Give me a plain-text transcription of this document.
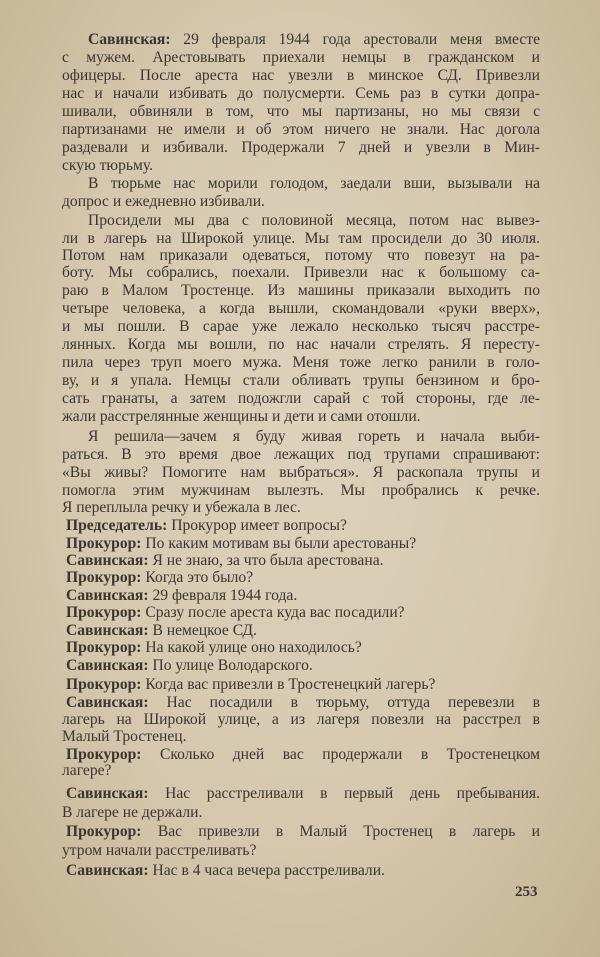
Савинская: 29 февраля 1944 года арестовали меня вместе
с мужем. Арестовывать приехали немцы в гражданском и
офицеры. После ареста нас увезли в минское СД. Привезли
нас и начали избивать до полусмерти. Семь раз в сутки допра-
шивали, обвиняли в том, что мы партизаны, но мы связи с
партизанами не имели и об этом ничего не знали. Нас догола
раздевали и избивали. Продержали 7 дней и увезли в Мин-
скую тюрьму.
В тюрьме нас морили голодом, заедали вши, вызывали на
допрос и ежедневно избивали.
Просидели мы два с половиной месяца, потом нас вывез-
ли в лагерь на Широкой улице. Мы там просидели до 30 июля.
Потом нам приказали одеваться, потому что повезут на ра-
боту. Мы собрались, поехали. Привезли нас к большому са-
раю в Малом Тростенце. Из машины приказали выходить по
четыре человека, а когда вышли, скомандовали «руки вверх»,
и мы пошли. В сарае уже лежало несколько тысяч расстре-
лянных. Когда мы вошли, по нас начали стрелять. Я пересту-
пила через труп моего мужа. Меня тоже легко ранили в голо-
ву, и я упала. Немцы стали обливать трупы бензином и бро-
сать гранаты, а затем подожгли сарай с той стороны, где ле-
жали расстрелянные женщины и дети и сами отошли.
Я решила—зачем я буду живая гореть и начала выби-
раться. В это время двое лежащих под трупами спрашивают:
«Вы живы? Помогите нам выбраться». Я раскопала трупы и
помогла этим мужчинам вылезть. Мы пробрались к речке.
Я переплыла речку и убежала в лес.
Председатель: Прокурор имеет вопросы?
Прокурор: По каким мотивам вы были арестованы?
Савинская: Я не знаю, за что была арестована.
Прокурор: Когда это было?
Савинская: 29 февраля 1944 года.
Прокурор: Сразу после ареста куда вас посадили?
Савинская: В немецкое СД.
Прокурор: На какой улице оно находилось?
Савинская: По улице Володарского.
Прокурор: Когда вас привезли в Тростенецкий лагерь?
Савинская: Нас посадили в тюрьму, оттуда перевезли в
лагерь на Широкой улице, а из лагеря повезли на расстрел в
Малый Тростенец.
Прокурор: Сколько дней вас продержали в Тростенецком
лагере?
Савинская: Нас расстреливали в первый день пребывания.
В лагере не держали.
Прокурор: Вас привезли в Малый Тростенец в лагерь и
утром начали расстреливать?
Савинская: Нас в 4 часа вечера расстреливали.
253
